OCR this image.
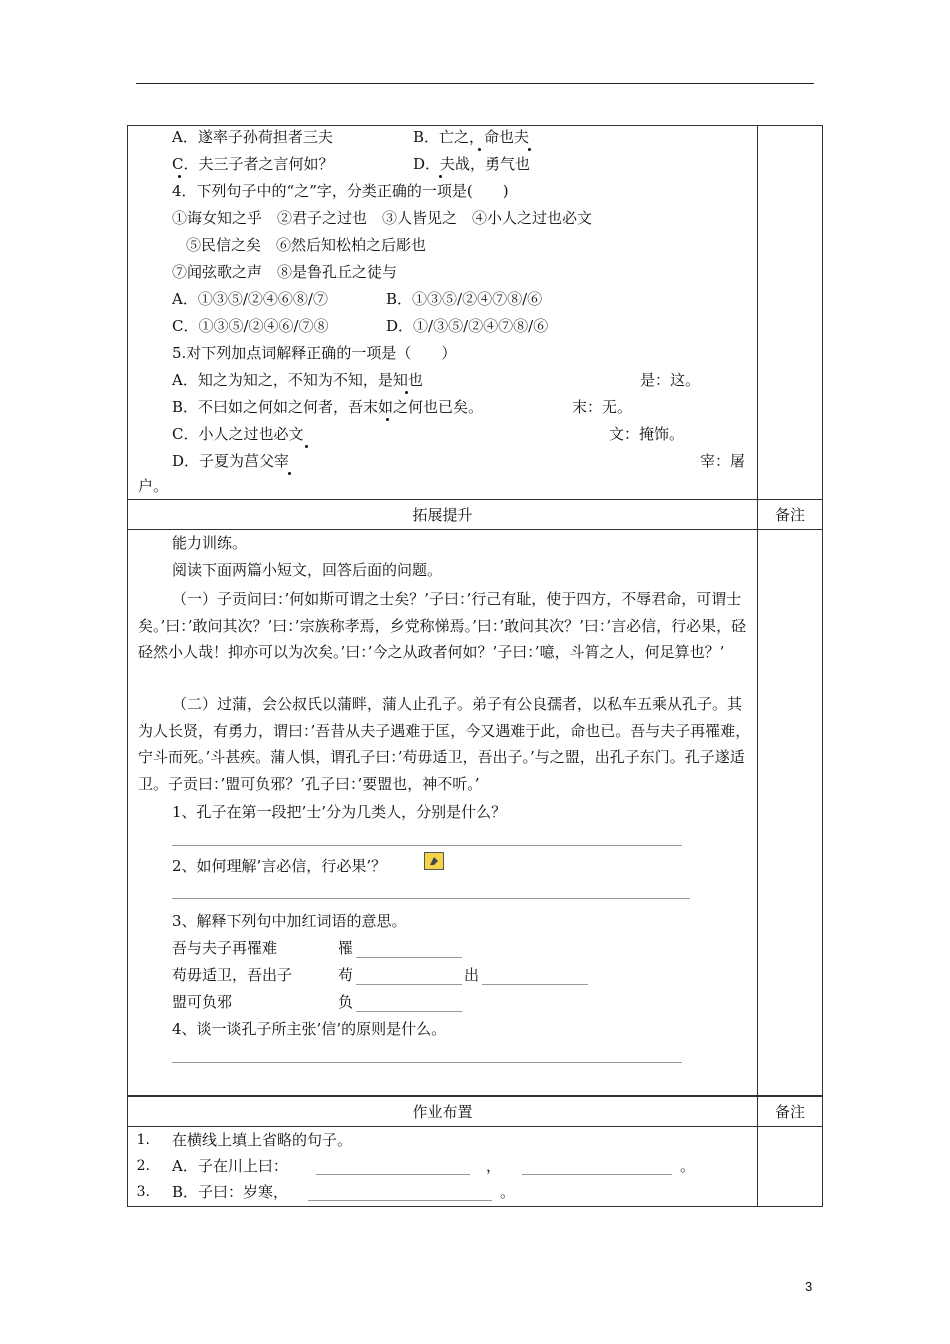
A．遂率子孙荷担者三夫	B．亡之，命也夫
C．夫三子者之言何如？	D．夫战，勇气也
4．下列句子中的“之”字，分类正确的一项是(　　)
①诲女知之乎　②君子之过也　③人皆见之　④小人之过也必文
⑤民信之矣　⑥然后知松柏之后彫也
⑦闻弦歌之声　⑧是鲁孔丘之徒与
A．①③⑤/②④⑥⑧/⑦	B．①③⑤/②④⑦⑧/⑥
C．①③⑤/②④⑥/⑦⑧	D．①/③⑤/②④⑦⑧/⑥
5.对下列加点词解释正确的一项是（　　）
A．知之为知之，不知为不知，是知也	是：这。
B．不曰如之何如之何者，吾末如之何也已矣。	末：无。
C．小人之过也必文	文：掩饰。
D．子夏为莒父宰	宰：屠
户。
拓展提升	备注
能力训练。
阅读下面两篇小短文，回答后面的问题。
（一）子贡问曰：’何如斯可谓之士矣？’子曰：’行己有耻，使于四方，不辱君命，可谓士矣。’曰：’敢问其次？’曰：’宗族称孝焉，乡党称悌焉。’曰：’敢问其次？’曰：’言必信，行必果，硁硁然小人哉！抑亦可以为次矣。’曰：’今之从政者何如？’子曰：’噫，斗筲之人，何足算也？’
（二）过蒲，会公叔氏以蒲畔，蒲人止孔子。弟子有公良孺者，以私车五乘从孔子。其为人长贤，有勇力，谓曰：’吾昔从夫子遇难于匡，今又遇难于此，命也已。吾与夫子再罹难，宁斗而死。’斗甚疾。蒲人惧，谓孔子曰：’苟毋适卫，吾出子。’与之盟，出孔子东门。孔子遂适卫。子贡曰：’盟可负邪？’孔子曰：’要盟也，神不听。’
1、孔子在第一段把’士’分为几类人，分别是什么？
2、如何理解’言必信，行必果’？
3、解释下列句中加红词语的意思。
吾与夫子再罹难	罹
苟毋适卫，吾出子	苟	出
盟可负邪	负
4、谈一谈孔子所主张’信’的原则是什么。
作业布置	备注
1. 在横线上填上省略的句子。
2. A．子在川上曰：	，	。
3. B．子曰：岁寒，	。
3
